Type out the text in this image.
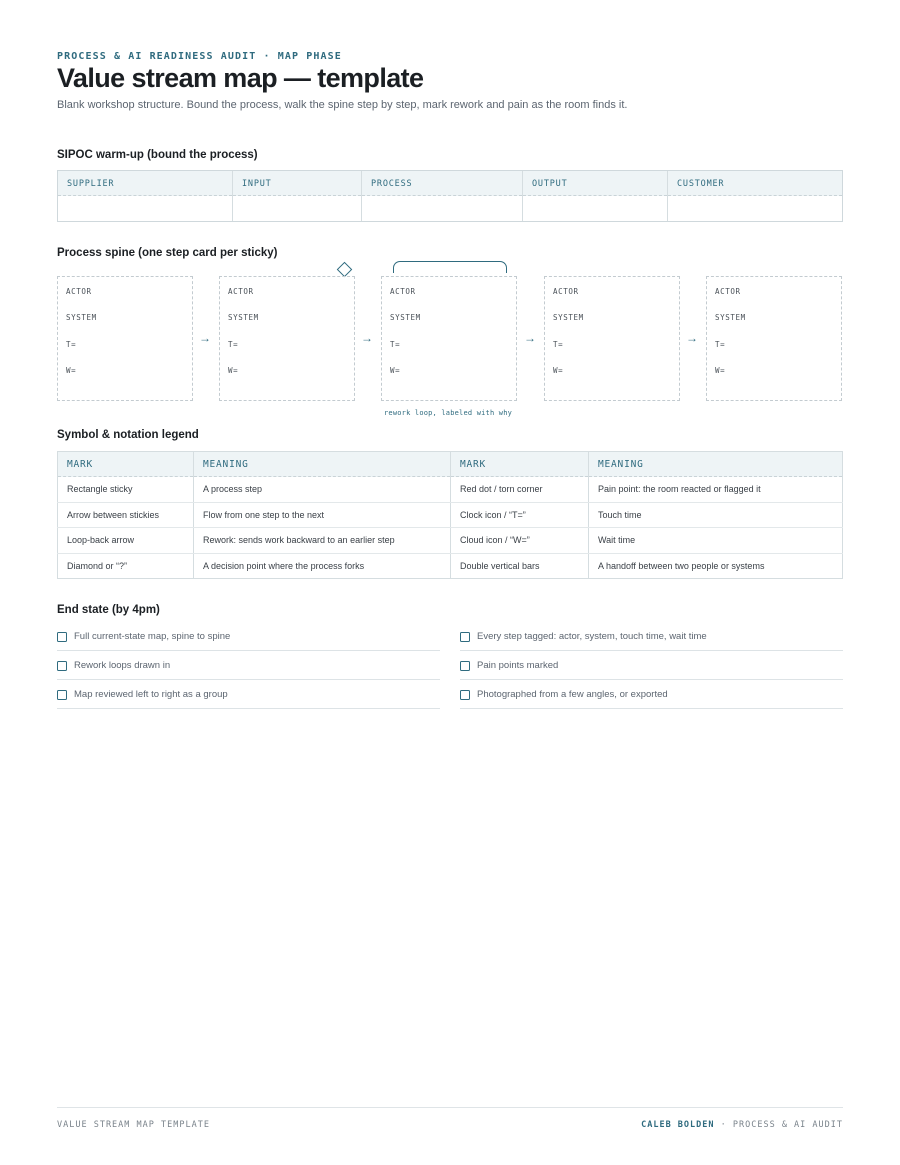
PROCESS & AI READINESS AUDIT · MAP PHASE
Value stream map — template
Blank workshop structure. Bound the process, walk the spine step by step, mark rework and pain as the room finds it.
SIPOC warm-up (bound the process)
SUPPLIER	INPUT	PROCESS	OUTPUT	CUSTOMER
Process spine (one step card per sticky)
ACTOR
SYSTEM
T=
W=
→
ACTOR
SYSTEM
T=
W=
→
ACTOR
SYSTEM
T=
W=
→
ACTOR
SYSTEM
T=
W=
→
ACTOR
SYSTEM
T=
W=
rework loop, labeled with why
Symbol & notation legend
MARK	MEANING	MARK	MEANING
Rectangle sticky	A process step	Red dot / torn corner	Pain point: the room reacted or flagged it
Arrow between stickies	Flow from one step to the next	Clock icon / “T=”	Touch time
Loop-back arrow	Rework: sends work backward to an earlier step	Cloud icon / “W=”	Wait time
Diamond or “?”	A decision point where the process forks	Double vertical bars	A handoff between two people or systems
End state (by 4pm)
Full current-state map, spine to spine	Every step tagged: actor, system, touch time, wait time
Rework loops drawn in	Pain points marked
Map reviewed left to right as a group	Photographed from a few angles, or exported
VALUE STREAM MAP TEMPLATE	CALEB BOLDEN · PROCESS & AI AUDIT
